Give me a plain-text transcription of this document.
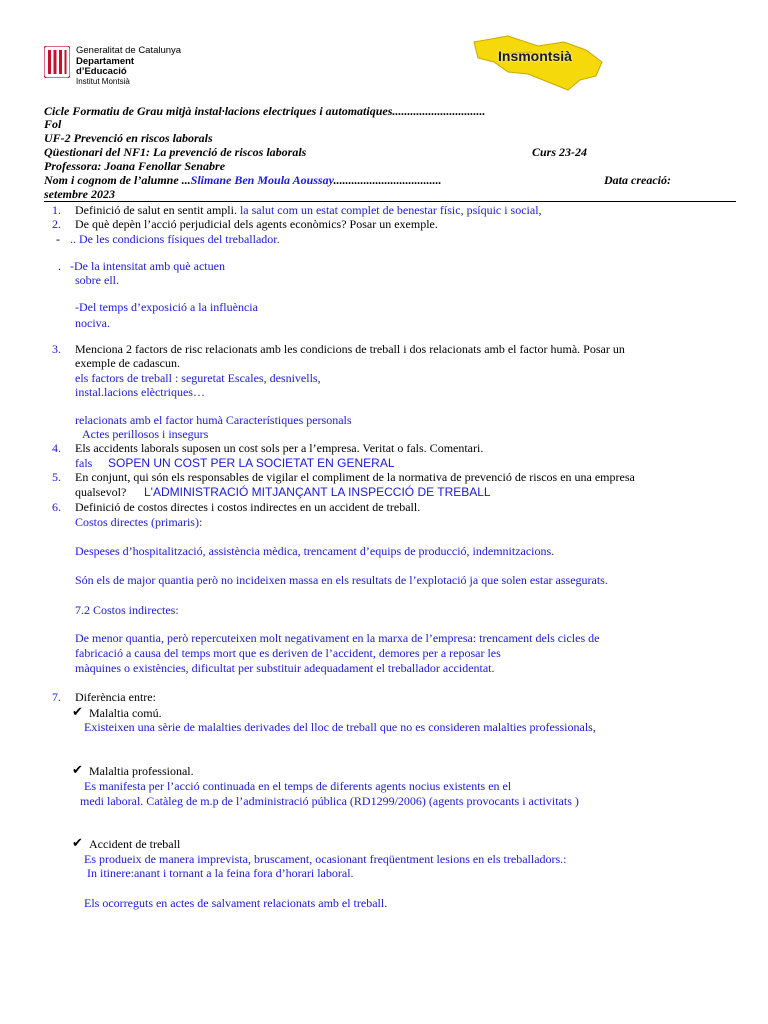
Generalitat de Catalunya
Departament
d’Educació
Institut Montsià
Insmontsià
Cicle Formatiu de Grau mitjà instal·lacions electriques i automatiques...............................
Fol
UF-2 Prevenció en riscos laborals
Qüestionari del NF1: La prevenció de riscos laborals	Curs 23-24
Professora: Joana Fenollar Senabre
Nom i cognom de l’alumne ...Slimane Ben Moula Aoussay....................................	Data creació:
setembre 2023
1. Definició de salut en sentit ampli. la salut com un estat complet de benestar físic, psíquic i social,
2. De què depèn l’acció perjudicial dels agents econòmics? Posar un exemple.
- .. De les condicions físiques del treballador.
. -De la intensitat amb què actuen
sobre ell.
-Del temps d’exposició a la influència
nociva.
3. Menciona 2 factors de risc relacionats amb les condicions de treball i dos relacionats amb el factor humà. Posar un
exemple de cadascun.
els factors de treball : seguretat Escales, desnivells,
instal.lacions elèctriques…
relacionats amb el factor humà Característiques personals
Actes perillosos i insegurs
4. Els accidents laborals suposen un cost sols per a l’empresa. Veritat o fals. Comentari.
fals SOPEN UN COST PER LA SOCIETAT EN GENERAL
5. En conjunt, qui són els responsables de vigilar el compliment de la normativa de prevenció de riscos en una empresa
qualsevol? L'ADMINISTRACIÓ MITJANÇANT LA INSPECCIÓ DE TREBALL
6. Definició de costos directes i costos indirectes en un accident de treball.
Costos directes (primaris):
Despeses d’hospitalització, assistència mèdica, trencament d’equips de producció, indemnitzacions.
Són els de major quantia però no incideixen massa en els resultats de l’explotació ja que solen estar assegurats.
7.2 Costos indirectes:
De menor quantia, però repercuteixen molt negativament en la marxa de l’empresa: trencament dels cicles de
fabricació a causa del temps mort que es deriven de l’accident, demores per a reposar les
màquines o existències, dificultat per substituir adequadament el treballador accidentat.
7. Diferència entre:
✔ Malaltia comú.
Existeixen una sèrie de malalties derivades del lloc de treball que no es consideren malalties professionals,
✔ Malaltia professional.
Es manifesta per l’acció continuada en el temps de diferents agents nocius existents en el
medi laboral. Catàleg de m.p de l’administració pública (RD1299/2006) (agents provocants i activitats )
✔ Accident de treball
Es produeix de manera imprevista, bruscament, ocasionant freqüentment lesions en els treballadors.:
In itinere:anant i tornant a la feina fora d’horari laboral.
Els ocorreguts en actes de salvament relacionats amb el treball.
